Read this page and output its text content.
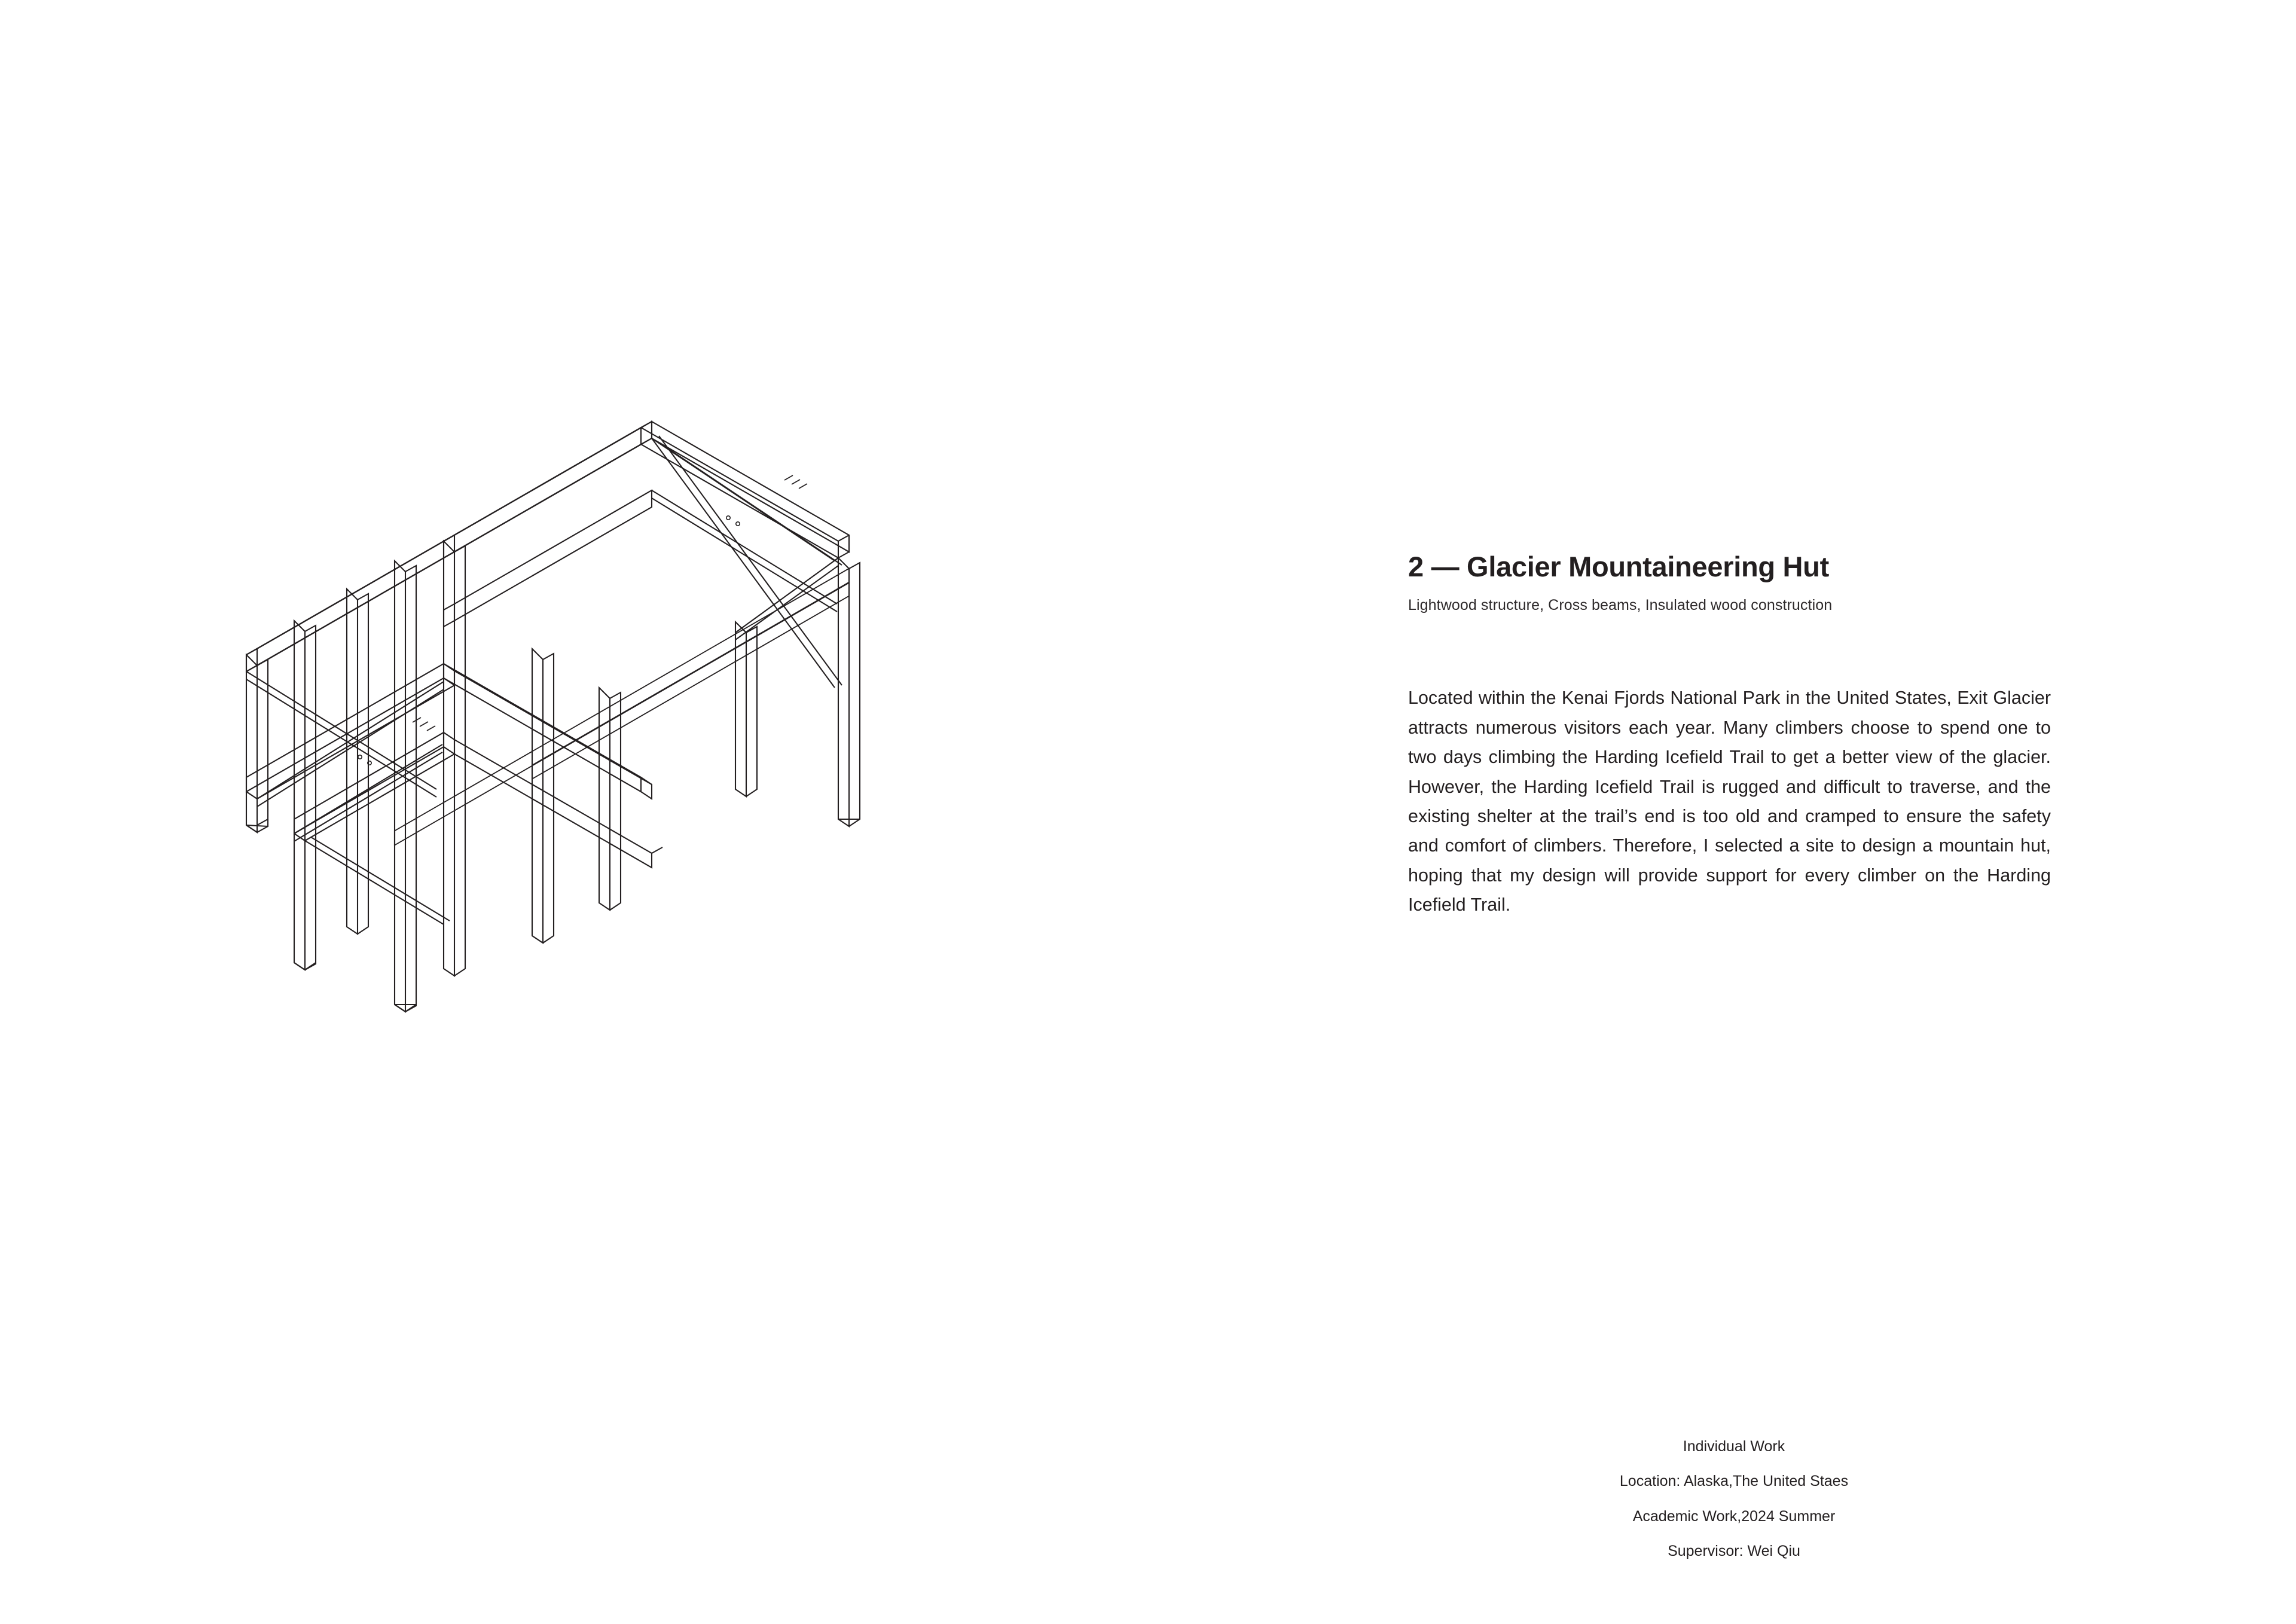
2 — Glacier Mountaineering Hut
Lightwood structure, Cross beams, Insulated wood construction

Located within the Kenai Fjords National Park in the United States, Exit Glacier attracts numerous visitors each year. Many climbers choose to spend one to two days climbing the Harding Icefield Trail to get a better view of the glacier. However, the Harding Icefield Trail is rugged and difficult to traverse, and the existing shelter at the trail’s end is too old and cramped to ensure the safety and comfort of climbers. Therefore, I selected a site to design a mountain hut, hoping that my design will provide support for every climber on the Harding Icefield Trail.

Individual Work
Location: Alaska,The United Staes
Academic Work,2024 Summer
Supervisor: Wei Qiu
